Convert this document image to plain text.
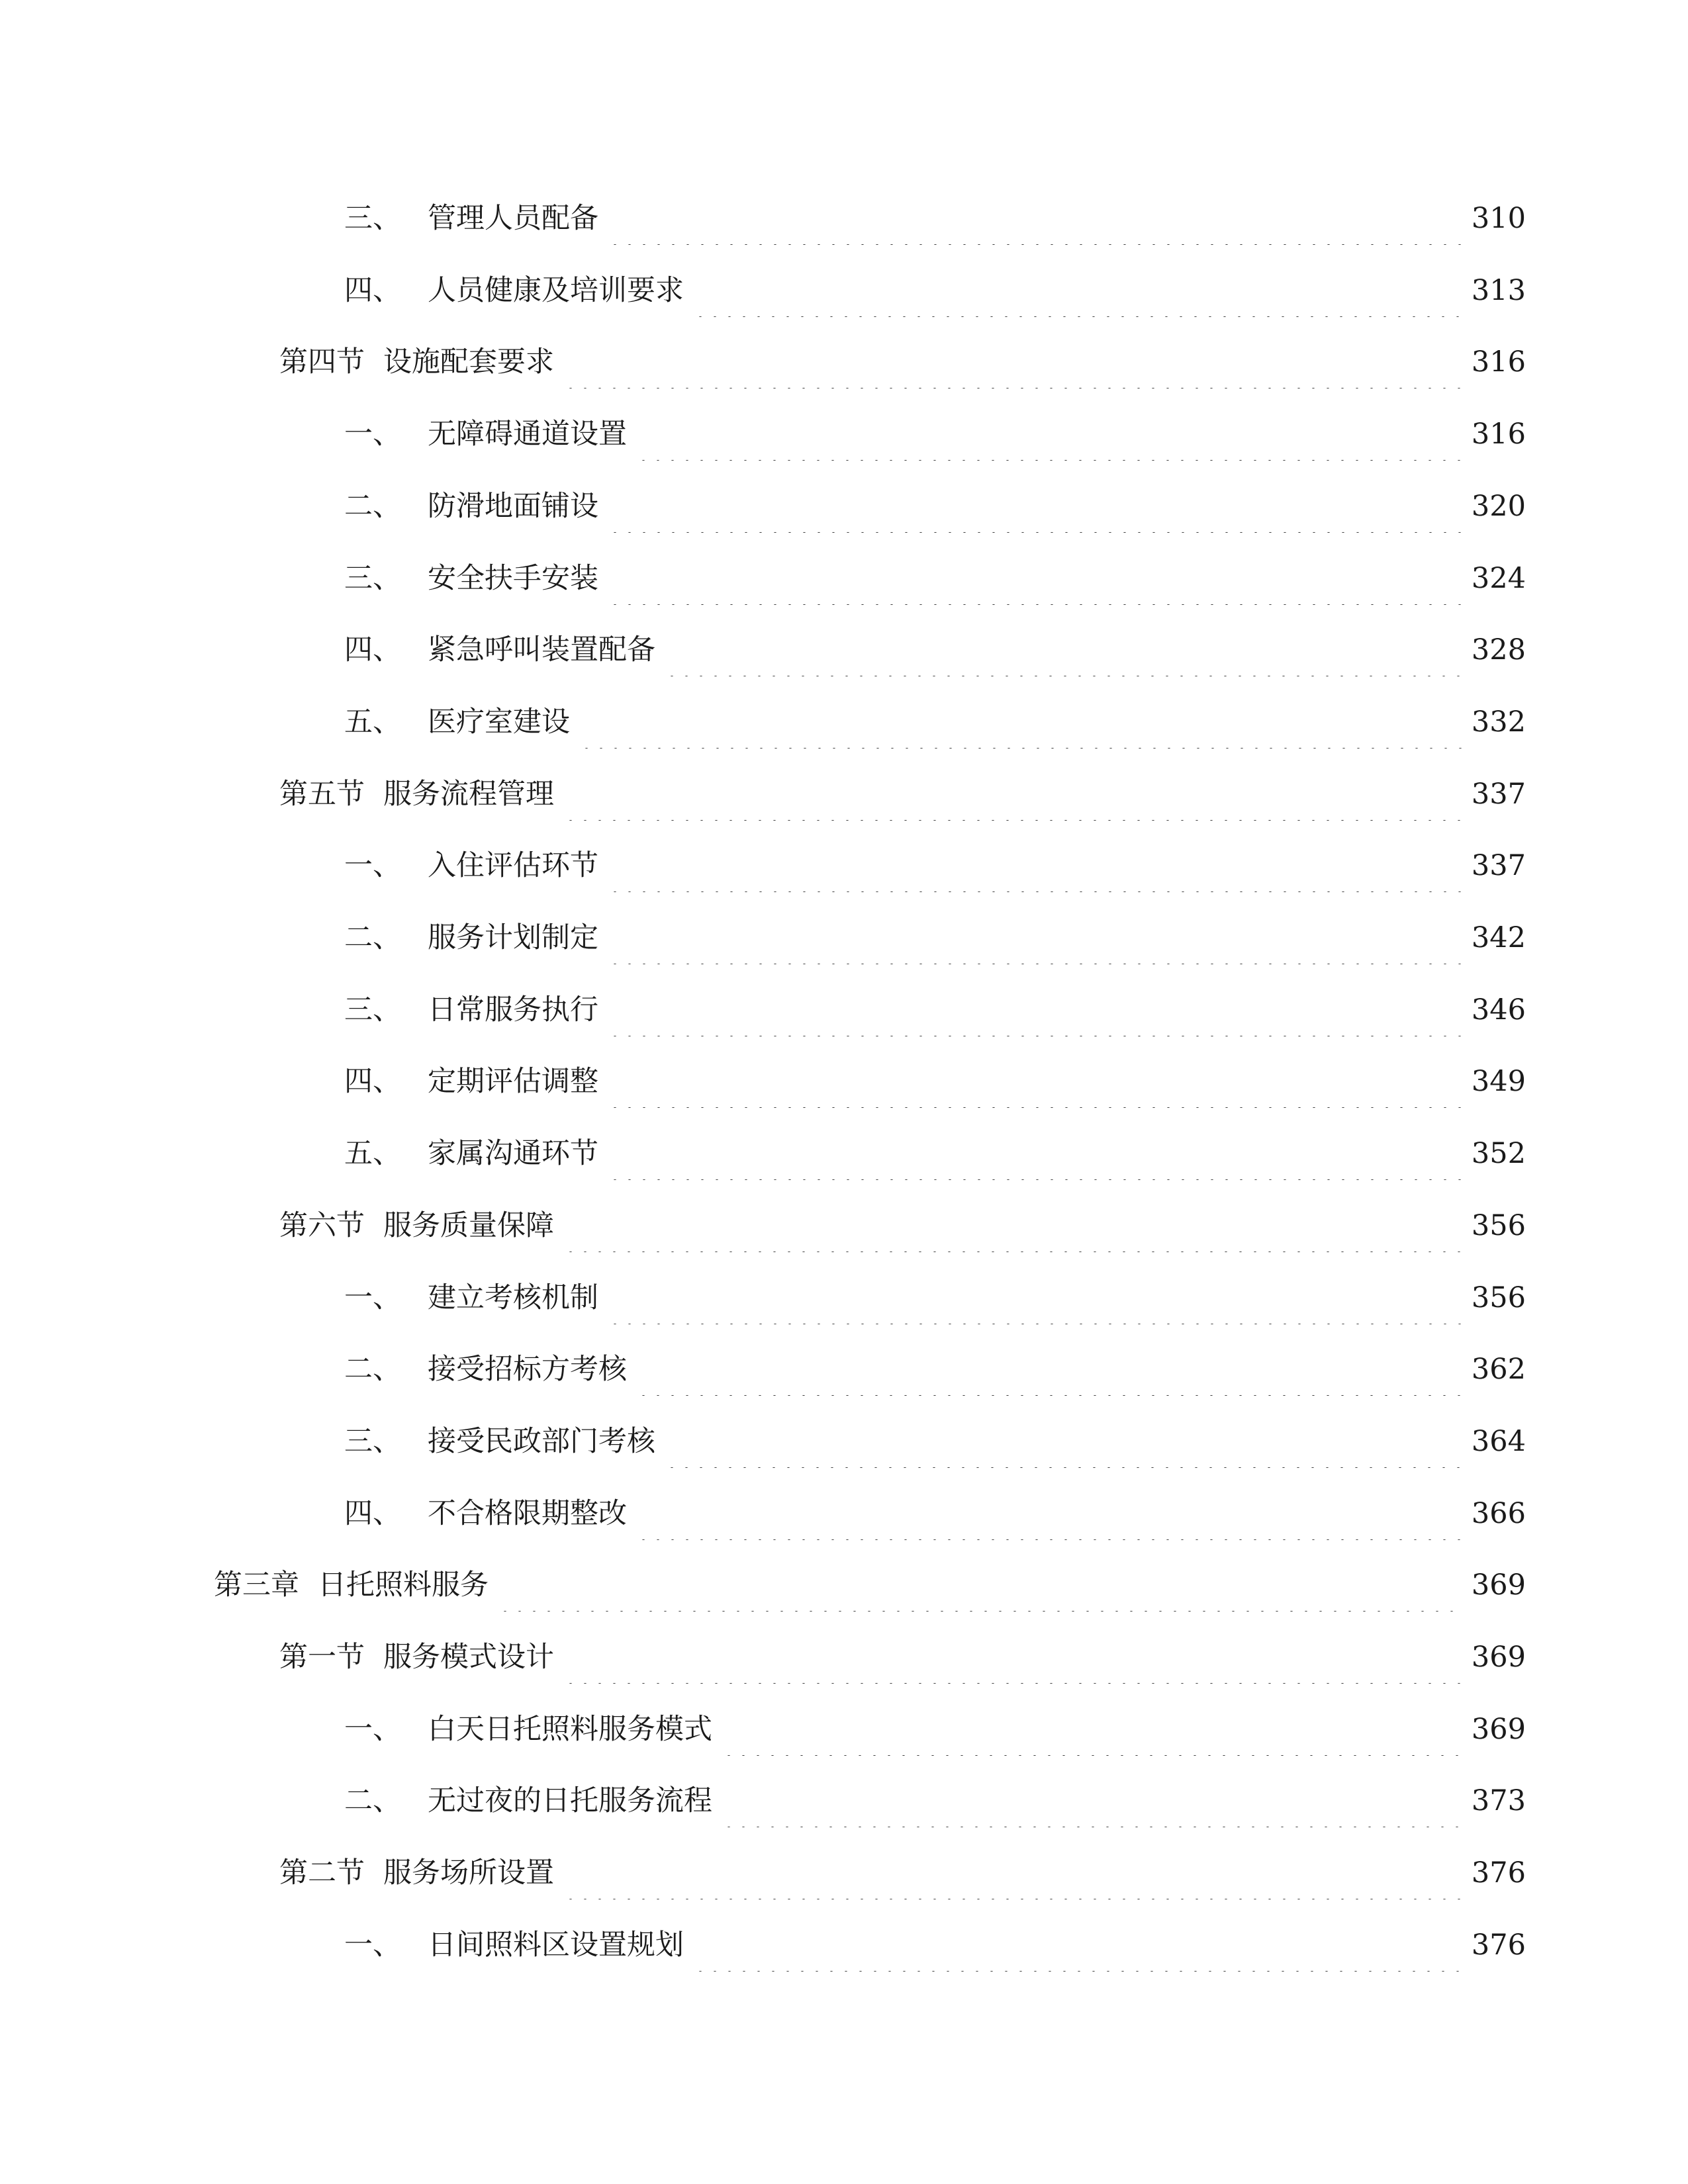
三、 管理人员配备	310
四、 人员健康及培训要求	313
第四节 设施配套要求	316
一、 无障碍通道设置	316
二、 防滑地面铺设	320
三、 安全扶手安装	324
四、 紧急呼叫装置配备	328
五、 医疗室建设	332
第五节 服务流程管理	337
一、 入住评估环节	337
二、 服务计划制定	342
三、 日常服务执行	346
四、 定期评估调整	349
五、 家属沟通环节	352
第六节 服务质量保障	356
一、 建立考核机制	356
二、 接受招标方考核	362
三、 接受民政部门考核	364
四、 不合格限期整改	366
第三章 日托照料服务	369
第一节 服务模式设计	369
一、 白天日托照料服务模式	369
二、 无过夜的日托服务流程	373
第二节 服务场所设置	376
一、 日间照料区设置规划	376
